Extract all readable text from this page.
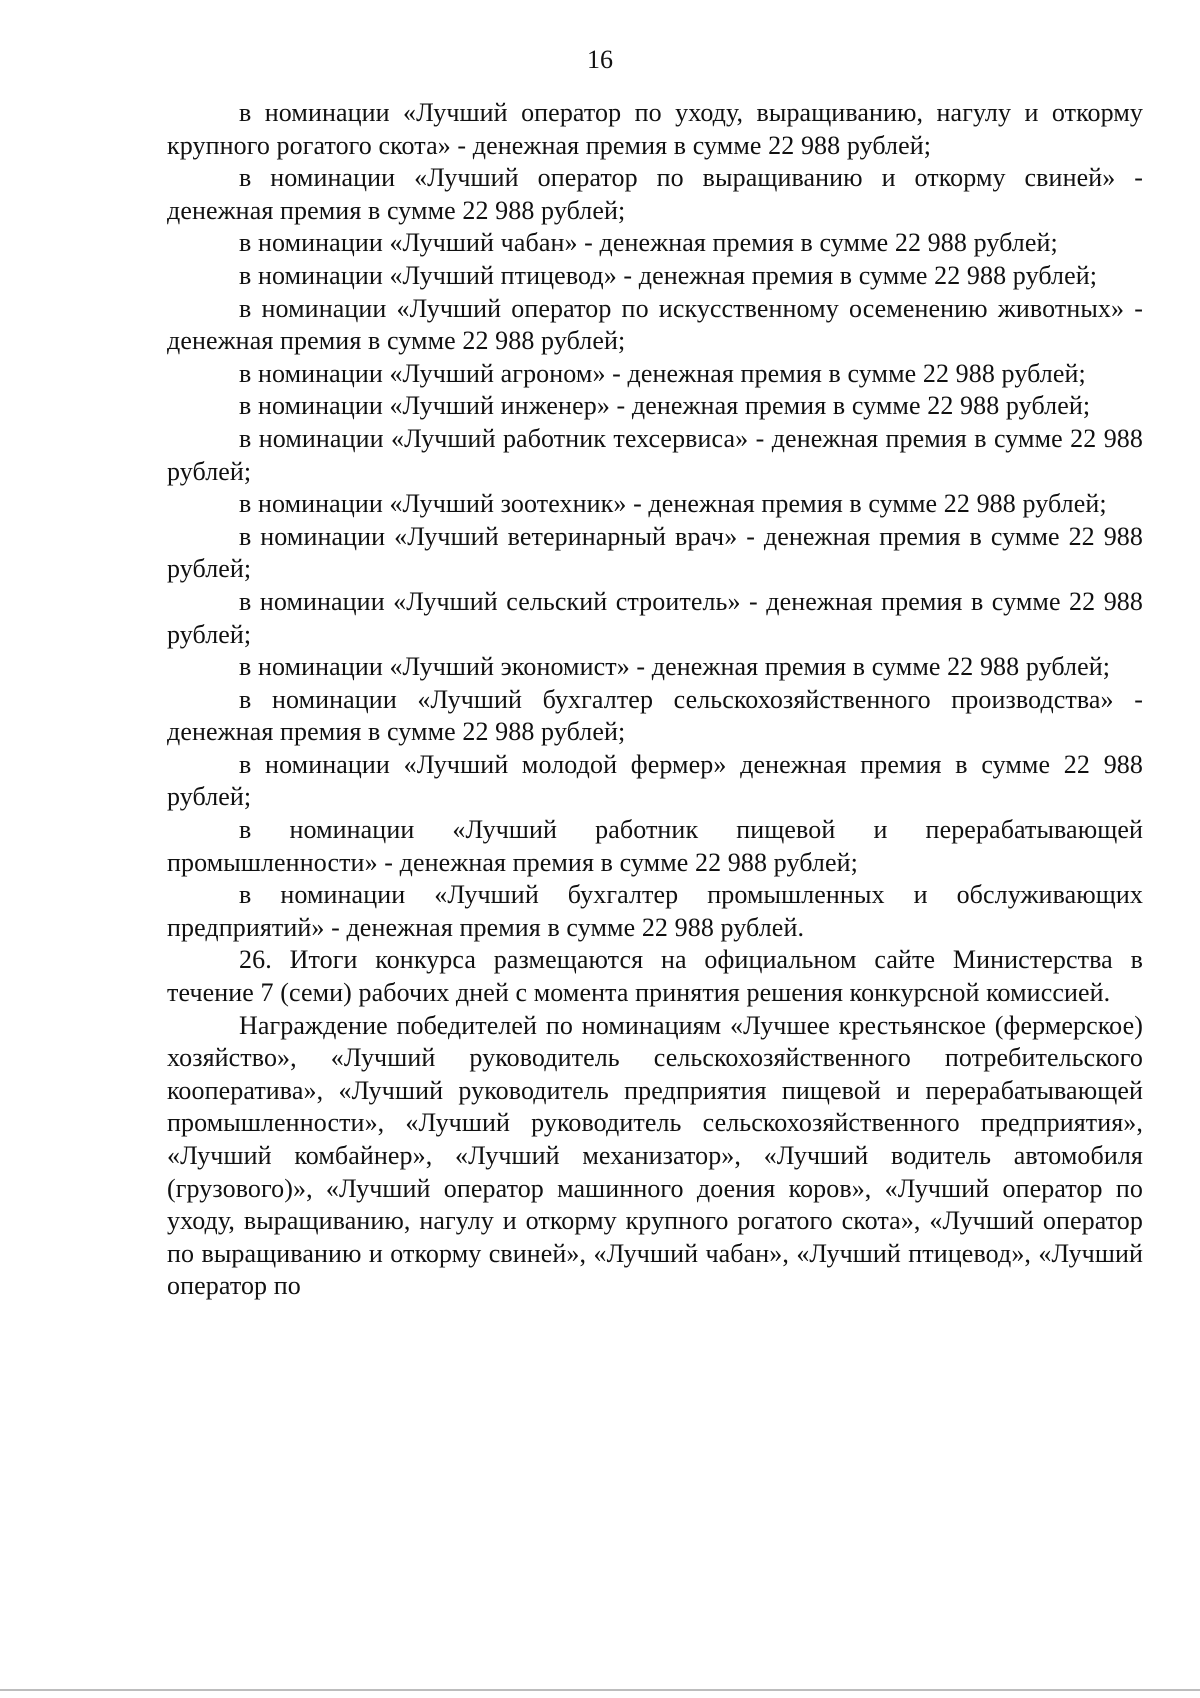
16

в номинации «Лучший оператор по уходу, выращиванию, нагулу и откорму крупного рогатого скота» - денежная премия в сумме 22 988 рублей;

в номинации «Лучший оператор по выращиванию и откорму свиней» - денежная премия в сумме 22 988 рублей;

в номинации «Лучший чабан» - денежная премия в сумме 22 988 рублей;

в номинации «Лучший птицевод» - денежная премия в сумме 22 988 рублей;

в номинации «Лучший оператор по искусственному осеменению животных» - денежная премия в сумме 22 988 рублей;

в номинации «Лучший агроном» - денежная премия в сумме 22 988 рублей;

в номинации «Лучший инженер» - денежная премия в сумме 22 988 рублей;

в номинации «Лучший работник техсервиса» - денежная премия в сумме 22 988 рублей;

в номинации «Лучший зоотехник» - денежная премия в сумме 22 988 рублей;

в номинации «Лучший ветеринарный врач» - денежная премия в сумме 22 988 рублей;

в номинации «Лучший сельский строитель» - денежная премия в сумме 22 988 рублей;

в номинации «Лучший экономист» - денежная премия в сумме 22 988 рублей;

в номинации «Лучший бухгалтер сельскохозяйственного производства» - денежная премия в сумме 22 988 рублей;

в номинации «Лучший молодой фермер» денежная премия в сумме 22 988 рублей;

в номинации «Лучший работник пищевой и перерабатывающей промышленности» - денежная премия в сумме 22 988 рублей;

в номинации «Лучший бухгалтер промышленных и обслуживающих предприятий» - денежная премия в сумме 22 988 рублей.

26. Итоги конкурса размещаются на официальном сайте Министерства в течение 7 (семи) рабочих дней с момента принятия решения конкурсной комиссией.

Награждение победителей по номинациям «Лучшее крестьянское (фермерское) хозяйство», «Лучший руководитель сельскохозяйственного потребительского кооператива», «Лучший руководитель предприятия пищевой и перерабатывающей промышленности», «Лучший руководитель сельскохозяйственного предприятия», «Лучший комбайнер», «Лучший механизатор», «Лучший водитель автомобиля (грузового)», «Лучший оператор машинного доения коров», «Лучший оператор по уходу, выращиванию, нагулу и откорму крупного рогатого скота», «Лучший оператор по выращиванию и откорму свиней», «Лучший чабан», «Лучший птицевод», «Лучший оператор по
